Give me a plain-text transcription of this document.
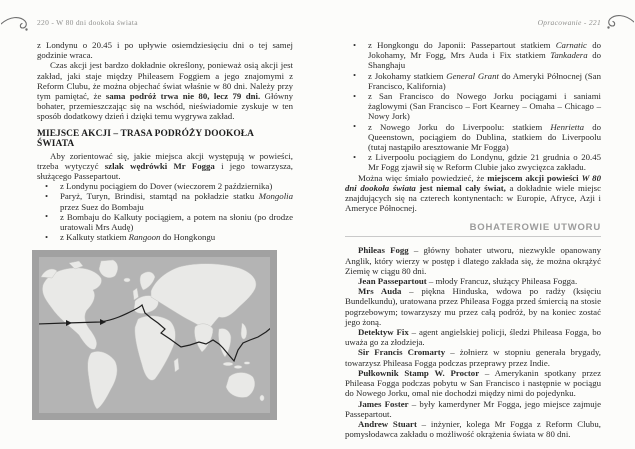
220 - W 80 dni dookoła świata

z Londynu o 20.45 i po upływie osiemdziesięciu dni o tej samej godzinie wraca.

Czas akcji jest bardzo dokładnie określony, ponieważ osią akcji jest zakład, jaki staje między Phileasem Foggiem a jego znajomymi z Reform Clubu, że można objechać świat właśnie w 80 dni. Należy przy tym pamiętać, że sama podróż trwa nie 80, lecz 79 dni. Główny bohater, przemieszczając się na wschód, nieświadomie zyskuje w ten sposób dodatkowy dzień i dzięki temu wygrywa zakład.

MIEJSCE AKCJI – TRASA PODRÓŻY DOOKOŁA ŚWIATA

Aby zorientować się, jakie miejsca akcji występują w powieści, trzeba wytyczyć szlak wędrówki Mr Fogga i jego towarzysza, służącego Passepartout.

• z Londynu pociągiem do Dover (wieczorem 2 października)
• Paryż, Turyn, Brindisi, stamtąd na pokładzie statku Mongolia przez Suez do Bombaju
• z Bombaju do Kalkuty pociągiem, a potem na słoniu (po drodze uratowali Mrs Audę)
• z Kalkuty statkiem Rangoon do Hongkongu
Opracowanie - 221
• z Hongkongu do Japonii: Passepartout statkiem Carnatic do Jokohamy, Mr Fogg, Mrs Auda i Fix statkiem Tankadera do Shanghaju
• z Jokohamy statkiem General Grant do Ameryki Północnej (San Francisco, Kalifornia)
• z San Francisco do Nowego Jorku pociągami i saniami żaglowymi (San Francisco – Fort Kearney – Omaha – Chicago – Nowy Jork)
• z Nowego Jorku do Liverpoolu: statkiem Henrietta do Queenstown, pociągiem do Dublina, statkiem do Liverpoolu (tutaj nastąpiło aresztowanie Mr Fogga)
• z Liverpoolu pociągiem do Londynu, gdzie 21 grudnia o 20.45 Mr Fogg zjawił się w Reform Clubie jako zwycięzca zakładu.

Można więc śmiało powiedzieć, że miejscem akcji powieści W 80 dni dookoła świata jest niemal cały świat, a dokładnie wiele miejsc znajdujących się na czterech kontynentach: w Europie, Afryce, Azji i Ameryce Północnej.

BOHATEROWIE UTWORU

Phileas Fogg – główny bohater utworu, niezwykle opanowany Anglik, który wierzy w postęp i dlatego zakłada się, że można okrążyć Ziemię w ciągu 80 dni.

Jean Passepartout – młody Francuz, służący Phileasa Fogga.

Mrs Auda – piękna Hinduska, wdowa po radży (księciu Bundelkundu), uratowana przez Phileasa Fogga przed śmiercią na stosie pogrzebowym; towarzyszy mu przez całą podróż, by na koniec zostać jego żoną.

Detektyw Fix – agent angielskiej policji, śledzi Phileasa Fogga, bo uważa go za złodzieja.

Sir Francis Cromarty – żołnierz w stopniu generała brygady, towarzysz Phileasa Fogga podczas przeprawy przez Indie.

Pułkownik Stamp W. Proctor – Amerykanin spotkany przez Phileasa Fogga podczas pobytu w San Francisco i następnie w pociągu do Nowego Jorku, omal nie dochodzi między nimi do pojedynku.

James Foster – były kamerdyner Mr Fogga, jego miejsce zajmuje Passepartout.

Andrew Stuart – inżynier, kolega Mr Fogga z Reform Clubu, pomysłodawca zakładu o możliwość okrążenia świata w 80 dni.
